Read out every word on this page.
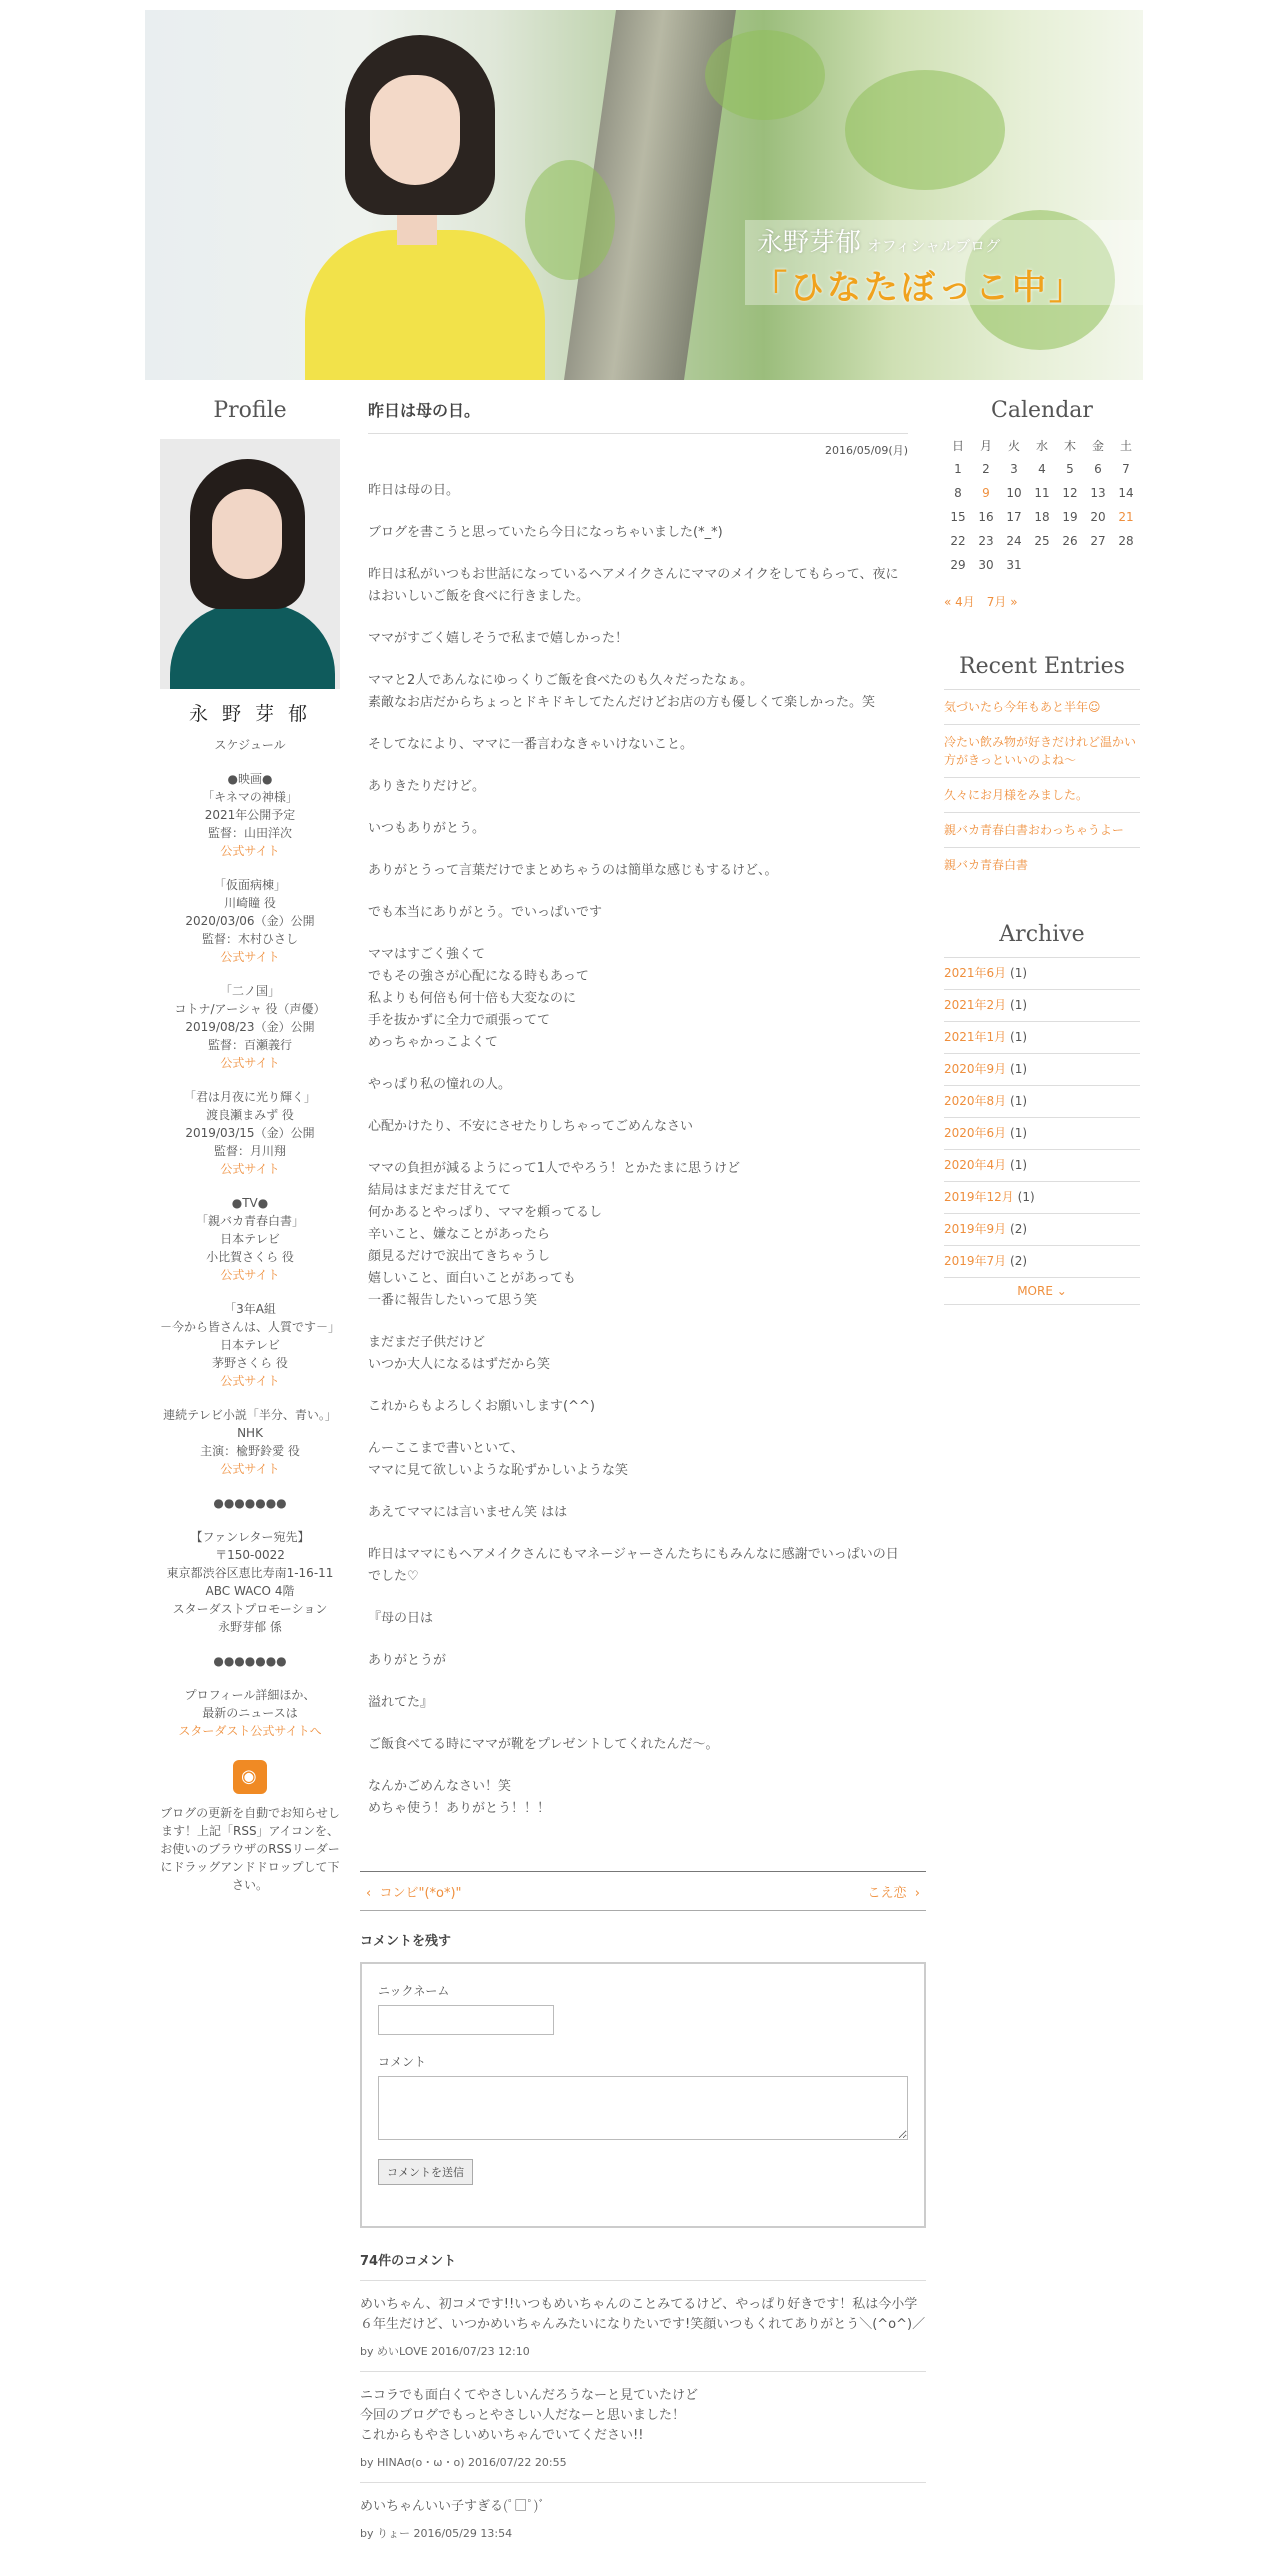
永野芽郁 オフィシャルブログ
「ひなたぼっこ中」
Profile
永 野 芽 郁
スケジュール
●映画●
「キネマの神様」
2021年公開予定
監督：山田洋次
公式サイト
「仮面病棟」
川崎瞳 役
2020/03/06（金）公開
監督：木村ひさし
公式サイト
「二ノ国」
コトナ/アーシャ 役（声優）
2019/08/23（金）公開
監督：百瀬義行
公式サイト
「君は月夜に光り輝く」
渡良瀬まみず 役
2019/03/15（金）公開
監督：月川翔
公式サイト
●TV●
「親バカ青春白書」
日本テレビ
小比賀さくら 役
公式サイト
「3年A組
－今から皆さんは、人質です－」
日本テレビ
茅野さくら 役
公式サイト
連続テレビ小説「半分、青い。」
NHK
主演：楡野鈴愛 役
公式サイト
●●●●●●●
【ファンレター宛先】
〒150-0022
東京都渋谷区恵比寿南1-16-11
ABC WACO 4階
スターダストプロモーション
永野芽郁 係
●●●●●●●
プロフィール詳細ほか、
最新のニュースは
スターダスト公式サイトへ
◉
ブログの更新を自動でお知らせします！上記「RSS」アイコンを、お使いのブラウザのRSSリーダーにドラッグアンドドロップして下さい。
昨日は母の日。
2016/05/09(月)

昨日は母の日。

ブログを書こうと思っていたら今日になっちゃいました(*_*)

昨日は私がいつもお世話になっているヘアメイクさんにママのメイクをしてもらって、夜にはおいしいご飯を食べに行きました。

ママがすごく嬉しそうで私まで嬉しかった！

ママと2人であんなにゆっくりご飯を食べたのも久々だったなぁ。
素敵なお店だからちょっとドキドキしてたんだけどお店の方も優しくて楽しかった。笑

そしてなにより、ママに一番言わなきゃいけないこと。

ありきたりだけど。

いつもありがとう。

ありがとうって言葉だけでまとめちゃうのは簡単な感じもするけど、。

でも本当にありがとう。でいっぱいです

ママはすごく強くて
でもその強さが心配になる時もあって
私よりも何倍も何十倍も大変なのに
手を抜かずに全力で頑張ってて
めっちゃかっこよくて

やっぱり私の憧れの人。

心配かけたり、不安にさせたりしちゃってごめんなさい

ママの負担が減るようにって1人でやろう！とかたまに思うけど
結局はまだまだ甘えてて
何かあるとやっぱり、ママを頼ってるし
辛いこと、嫌なことがあったら
顔見るだけで涙出てきちゃうし
嬉しいこと、面白いことがあっても
一番に報告したいって思う笑

まだまだ子供だけど
いつか大人になるはずだから笑

これからもよろしくお願いします(^^)

んーここまで書いといて、
ママに見て欲しいような恥ずかしいような笑

あえてママには言いません笑 はは

昨日はママにもヘアメイクさんにもマネージャーさんたちにもみんなに感謝でいっぱいの日でした♡

『母の日は

ありがとうが

溢れてた』

ご飯食べてる時にママが靴をプレゼントしてくれたんだ〜。

なんかごめんなさい！笑
めちゃ使う！ありがとう！！！

‹  コンビ"(*o*)"	こえ恋  ›
コメントを残す
ニックネーム
コメント
コメントを送信
74件のコメント
めいちゃん、初コメです!!いつもめいちゃんのことみてるけど、やっぱり好きです！私は今小学６年生だけど、いつかめいちゃんみたいになりたいです!笑顔いつもくれてありがとう＼(^o^)／
by めいLOVE 2016/07/23 12:10
ニコラでも面白くてやさしいんだろうなーと見ていたけど
今回のブログでもっとやさしい人だなーと思いました！
これからもやさしいめいちゃんでいてください!!
by HINAσ(o・ω・o) 2016/07/22 20:55
めいちゃんいい子すぎる(ﾟ□ﾟ)ﾞ
by りょー 2016/05/29 13:54
Calendar
日	月	火	水	木	金	土
1	2	3	4	5	6	7
8	9	10	11	12	13	14
15	16	17	18	19	20	21
22	23	24	25	26	27	28
29	30	31				
« 4月　7月 »
Recent Entries
気づいたら今年もあと半年☺
冷たい飲み物が好きだけれど温かい方がきっといいのよね〜
久々にお月様をみました。
親バカ青春白書おわっちゃうよー
親バカ青春白書
Archive
2021年6月 (1)
2021年2月 (1)
2021年1月 (1)
2020年9月 (1)
2020年8月 (1)
2020年6月 (1)
2020年4月 (1)
2019年12月 (1)
2019年9月 (2)
2019年7月 (2)
MORE ⌄
